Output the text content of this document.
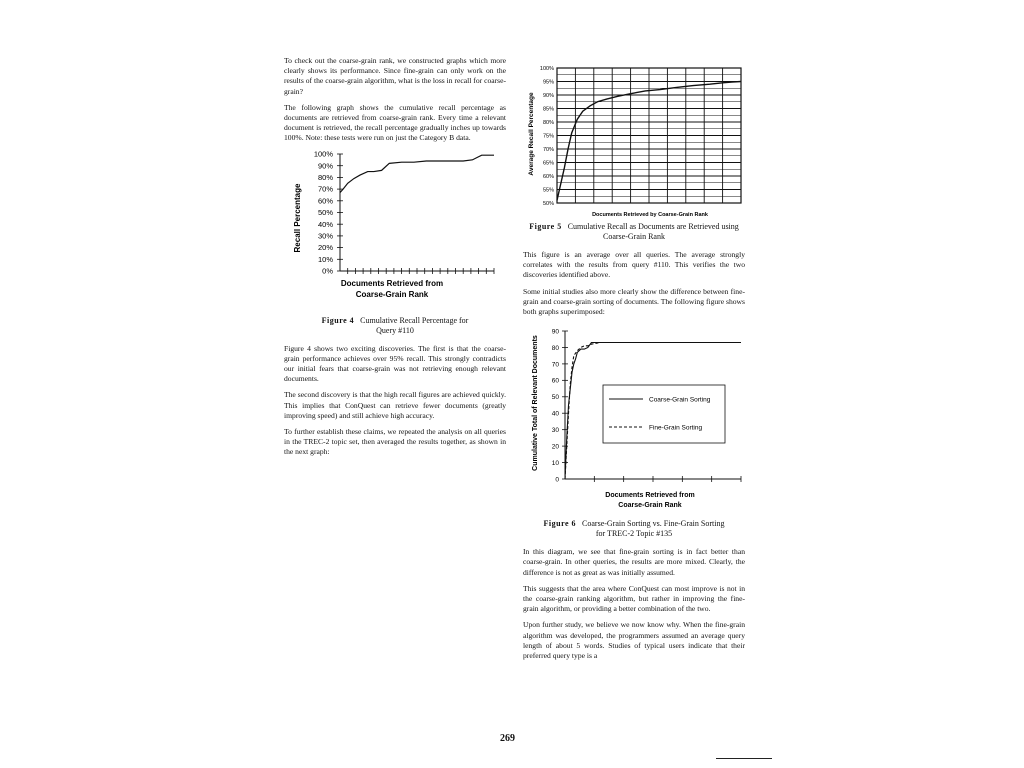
To check out the coarse-grain rank, we constructed graphs which more clearly shows its performance. Since fine-grain can only work on the results of the coarse-grain algorithm, what is the loss in recall for coarse-grain?

The following graph shows the cumulative recall percentage as documents are retrieved from coarse-grain rank. Every time a relevant document is retrieved, the recall percentage gradually inches up towards 100%. Note: these tests were run on just the Category B data.

0%
10%
20%
30%
40%
50%
60%
70%
80%
90%
100%
Recall Percentage
Documents Retrieved from
Coarse-Grain Rank
Figure 4 Cumulative Recall Percentage for Query #110

Figure 4 shows two exciting discoveries. The first is that the coarse-grain performance achieves over 95% recall. This strongly contradicts our initial fears that coarse-grain was not retrieving enough relevant documents.

The second discovery is that the high recall figures are achieved quickly. This implies that ConQuest can retrieve fewer documents (greatly improving speed) and still achieve high accuracy.

To further establish these claims, we repeated the analysis on all queries in the TREC-2 topic set, then averaged the results together, as shown in the next graph:

50%
55%
60%
65%
70%
75%
80%
85%
90%
95%
100%
Average Recall Percentage
Documents Retrieved by Coarse-Grain Rank
Figure 5 Cumulative Recall as Documents are Retrieved using Coarse-Grain Rank

This figure is an average over all queries. The average strongly correlates with the results from query #110. This verifies the two discoveries identified above.

Some initial studies also more clearly show the difference between fine-grain and coarse-grain sorting of documents. The following figure shows both graphs superimposed:

0
10
20
30
40
50
60
70
80
90
Coarse-Grain Sorting
Fine-Grain Sorting
Cumulative Total of Relevant Documents
Documents Retrieved from
Coarse-Grain Rank
Figure 6 Coarse-Grain Sorting vs. Fine-Grain Sorting for TREC-2 Topic #135

In this diagram, we see that fine-grain sorting is in fact better than coarse-grain. In other queries, the results are more mixed. Clearly, the difference is not as great as was initially assumed.

This suggests that the area where ConQuest can most improve is not in the coarse-grain ranking algorithm, but rather in improving the fine-grain algorithm, or providing a better combination of the two.

Upon further study, we believe we now know why. When the fine-grain algorithm was developed, the programmers assumed an average query length of about 5 words. Studies of typical users indicate that their preferred query type is a

269
